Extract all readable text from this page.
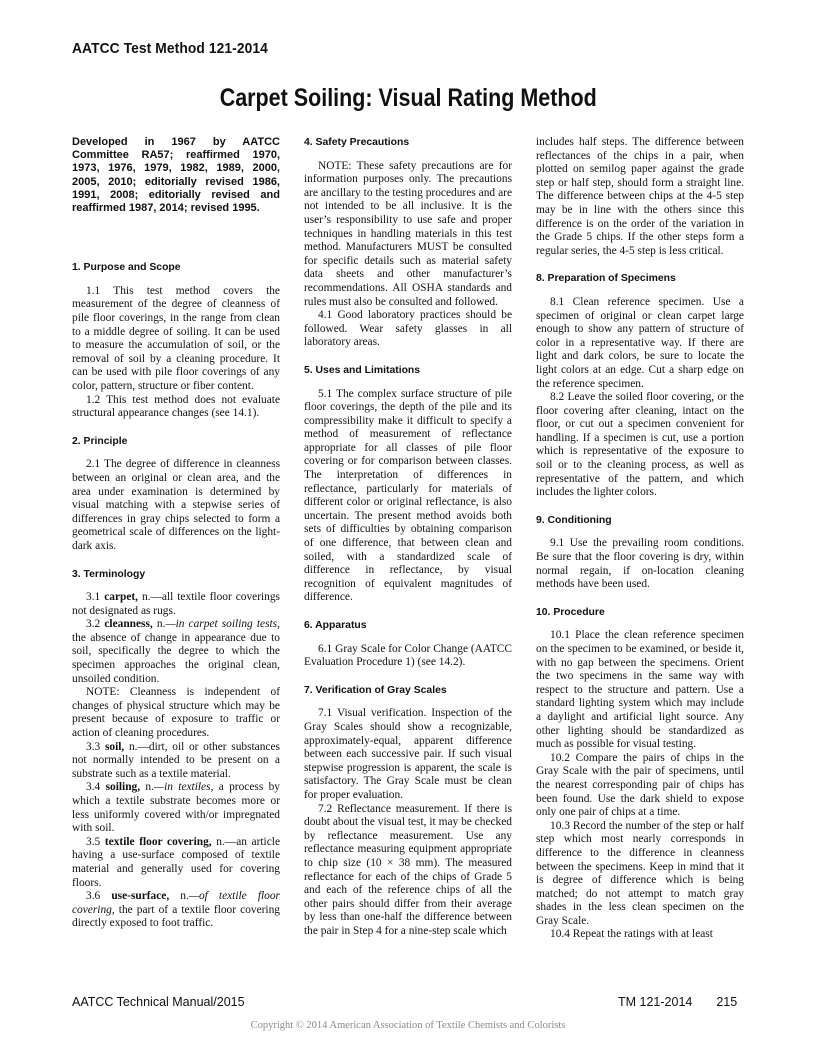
AATCC Test Method 121-2014
Carpet Soiling: Visual Rating Method

Developed in 1967 by AATCC Committee RA57; reaffirmed 1970, 1973, 1976, 1979, 1982, 1989, 2000, 2005, 2010; editorially revised 1986, 1991, 2008; editorially revised and reaffirmed 1987, 2014; revised 1995.

1. Purpose and Scope

1.1 This test method covers the measurement of the degree of cleanness of pile floor coverings, in the range from clean to a middle degree of soiling. It can be used to measure the accumulation of soil, or the removal of soil by a cleaning procedure. It can be used with pile floor coverings of any color, pattern, structure or fiber content.

1.2 This test method does not evaluate structural appearance changes (see 14.1).

2. Principle

2.1 The degree of difference in cleanness between an original or clean area, and the area under examination is determined by visual matching with a stepwise series of differences in gray chips selected to form a geometrical scale of differences on the light-dark axis.

3. Terminology

3.1 carpet, n.—all textile floor coverings not designated as rugs.

3.2 cleanness, n.—in carpet soiling tests, the absence of change in appearance due to soil, specifically the degree to which the specimen approaches the original clean, unsoiled condition.

NOTE: Cleanness is independent of changes of physical structure which may be present because of exposure to traffic or action of cleaning procedures.

3.3 soil, n.—dirt, oil or other substances not normally intended to be present on a substrate such as a textile material.

3.4 soiling, n.—in textiles, a process by which a textile substrate becomes more or less uniformly covered with/or impregnated with soil.

3.5 textile floor covering, n.—an article having a use-surface composed of textile material and generally used for covering floors.

3.6 use-surface, n.—of textile floor covering, the part of a textile floor covering directly exposed to foot traffic.

4. Safety Precautions

NOTE: These safety precautions are for information purposes only. The precautions are ancillary to the testing procedures and are not intended to be all inclusive. It is the user’s responsibility to use safe and proper techniques in handling materials in this test method. Manufacturers MUST be consulted for specific details such as material safety data sheets and other manufacturer’s recommendations. All OSHA standards and rules must also be consulted and followed.

4.1 Good laboratory practices should be followed. Wear safety glasses in all laboratory areas.

5. Uses and Limitations

5.1 The complex surface structure of pile floor coverings, the depth of the pile and its compressibility make it difficult to specify a method of measurement of reflectance appropriate for all classes of pile floor covering or for comparison between classes. The interpretation of differences in reflectance, particularly for materials of different color or original reflectance, is also uncertain. The present method avoids both sets of difficulties by obtaining comparison of one difference, that between clean and soiled, with a standardized scale of difference in reflectance, by visual recognition of equivalent magnitudes of difference.

6. Apparatus

6.1 Gray Scale for Color Change (AATCC Evaluation Procedure 1) (see 14.2).

7. Verification of Gray Scales

7.1 Visual verification. Inspection of the Gray Scales should show a recognizable, approximately-equal, apparent difference between each successive pair. If such visual stepwise progression is apparent, the scale is satisfactory. The Gray Scale must be clean for proper evaluation.

7.2 Reflectance measurement. If there is doubt about the visual test, it may be checked by reflectance measurement. Use any reflectance measuring equipment appropriate to chip size (10 × 38 mm). The measured reflectance for each of the chips of Grade 5 and each of the reference chips of all the other pairs should differ from their average by less than one-half the difference between the pair in Step 4 for a nine-step scale which

includes half steps. The difference between reflectances of the chips in a pair, when plotted on semilog paper against the grade step or half step, should form a straight line. The difference between chips at the 4-5 step may be in line with the others since this difference is on the order of the variation in the Grade 5 chips. If the other steps form a regular series, the 4-5 step is less critical.

8. Preparation of Specimens

8.1 Clean reference specimen. Use a specimen of original or clean carpet large enough to show any pattern of structure of color in a representative way. If there are light and dark colors, be sure to locate the light colors at an edge. Cut a sharp edge on the reference specimen.

8.2 Leave the soiled floor covering, or the floor covering after cleaning, intact on the floor, or cut out a specimen convenient for handling. If a specimen is cut, use a portion which is representative of the exposure to soil or to the cleaning process, as well as representative of the pattern, and which includes the lighter colors.

9. Conditioning

9.1 Use the prevailing room conditions. Be sure that the floor covering is dry, within normal regain, if on-location cleaning methods have been used.

10. Procedure

10.1 Place the clean reference specimen on the specimen to be examined, or beside it, with no gap between the specimens. Orient the two specimens in the same way with respect to the structure and pattern. Use a standard lighting system which may include a daylight and artificial light source. Any other lighting should be standardized as much as possible for visual testing.

10.2 Compare the pairs of chips in the Gray Scale with the pair of specimens, until the nearest corresponding pair of chips has been found. Use the dark shield to expose only one pair of chips at a time.

10.3 Record the number of the step or half step which most nearly corresponds in difference to the difference in cleanness between the specimens. Keep in mind that it is degree of difference which is being matched; do not attempt to match gray shades in the less clean specimen on the Gray Scale.

10.4 Repeat the ratings with at least

AATCC Technical Manual/2015	TM 121-2014 215
Copyright © 2014 American Association of Textile Chemists and Colorists
